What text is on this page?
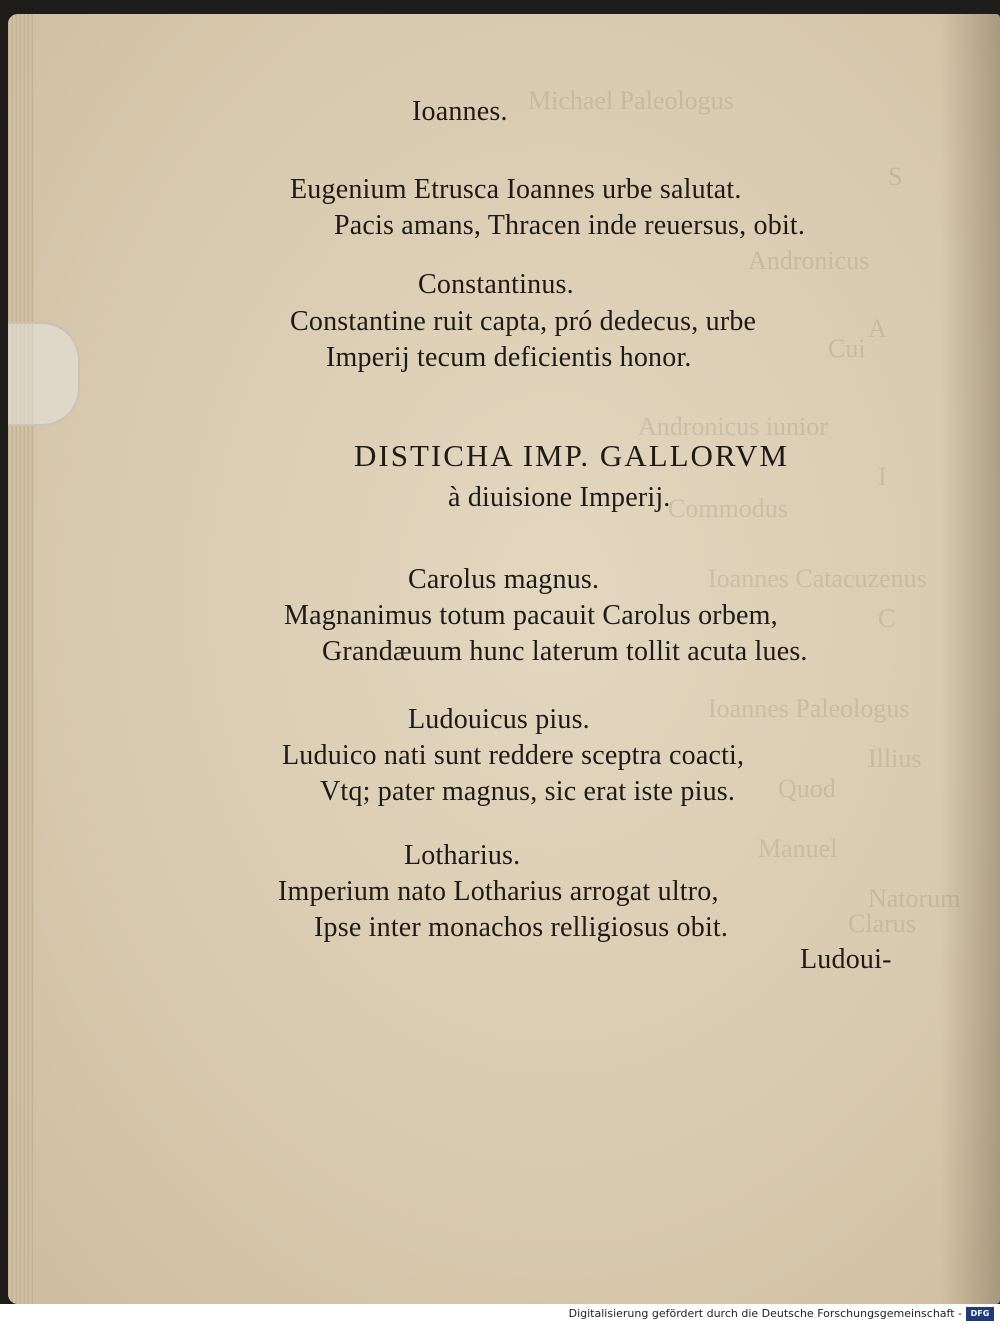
Michael Paleologus
S
Andronicus
A
Cui
Andronicus iunior
I
Commodus
Ioannes Catacuzenus
C
Ioannes Paleologus
Illius
Quod
Manuel
Natorum
Clarus
Ioannes.
Eugenium Etrusca Ioannes urbe salutat.
Pacis amans, Thracen inde reuersus, obit.
Constantinus.
Constantine ruit capta, pró dedecus, urbe
Imperij tecum deficientis honor.
DISTICHA IMP. GALLORVM
à diuisione Imperij.
Carolus magnus.
Magnanimus totum pacauit Carolus orbem,
Grandæuum hunc laterum tollit acuta lues.
Ludouicus pius.
Luduico nati sunt reddere sceptra coacti,
Vtq; pater magnus, sic erat iste pius.
Lotharius.
Imperium nato Lotharius arrogat ultro,
Ipse inter monachos relligiosus obit.
Ludoui-
Digitalisierung gefördert durch die Deutsche Forschungsgemeinschaft -	DFG
